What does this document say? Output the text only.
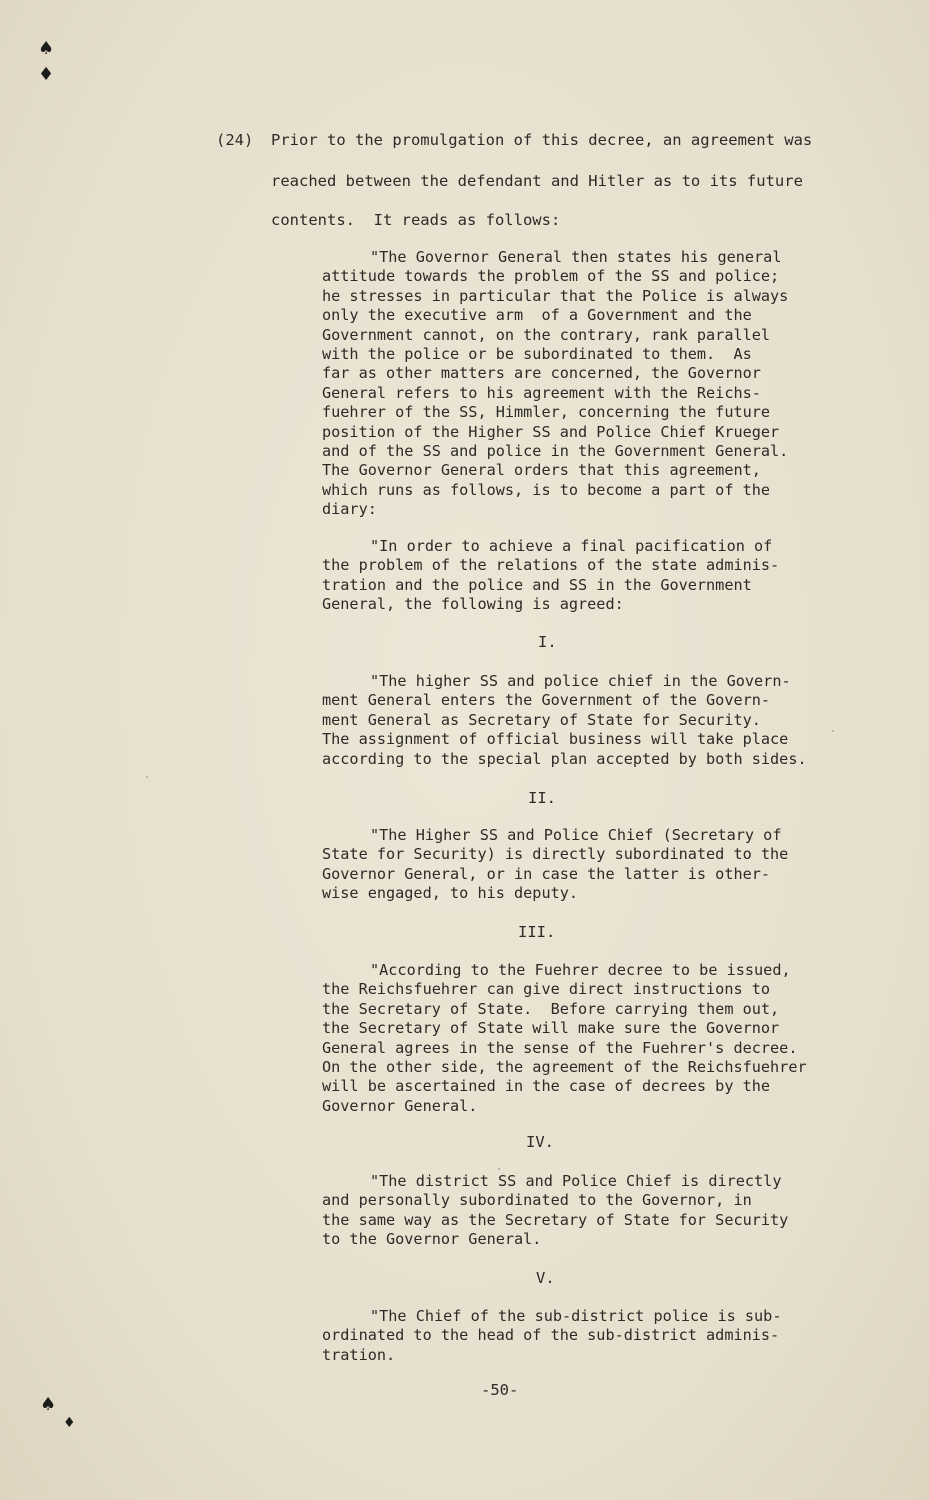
♠
♦
♠
♦
(24) Prior to the promulgation of this decree, an agreement was
reached between the defendant and Hitler as to its future
contents.  It reads as follows:
"The Governor General then states his general
attitude towards the problem of the SS and police;
he stresses in particular that the Police is always
only the executive arm  of a Government and the
Government cannot, on the contrary, rank parallel
with the police or be subordinated to them.  As
far as other matters are concerned, the Governor
General refers to his agreement with the Reichs-
fuehrer of the SS, Himmler, concerning the future
position of the Higher SS and Police Chief Krueger
and of the SS and police in the Government General.
The Governor General orders that this agreement,
which runs as follows, is to become a part of the
diary:
"In order to achieve a final pacification of
the problem of the relations of the state adminis-
tration and the police and SS in the Government
General, the following is agreed:
I.
"The higher SS and police chief in the Govern-
ment General enters the Government of the Govern-
ment General as Secretary of State for Security.
The assignment of official business will take place
according to the special plan accepted by both sides.
II.
"The Higher SS and Police Chief (Secretary of
State for Security) is directly subordinated to the
Governor General, or in case the latter is other-
wise engaged, to his deputy.
III.
"According to the Fuehrer decree to be issued,
the Reichsfuehrer can give direct instructions to
the Secretary of State.  Before carrying them out,
the Secretary of State will make sure the Governor
General agrees in the sense of the Fuehrer's decree.
On the other side, the agreement of the Reichsfuehrer
will be ascertained in the case of decrees by the
Governor General.
IV.
"The district SS and Police Chief is directly
and personally subordinated to the Governor, in
the same way as the Secretary of State for Security
to the Governor General.
V.
"The Chief of the sub-district police is sub-
ordinated to the head of the sub-district adminis-
tration.
-50-
